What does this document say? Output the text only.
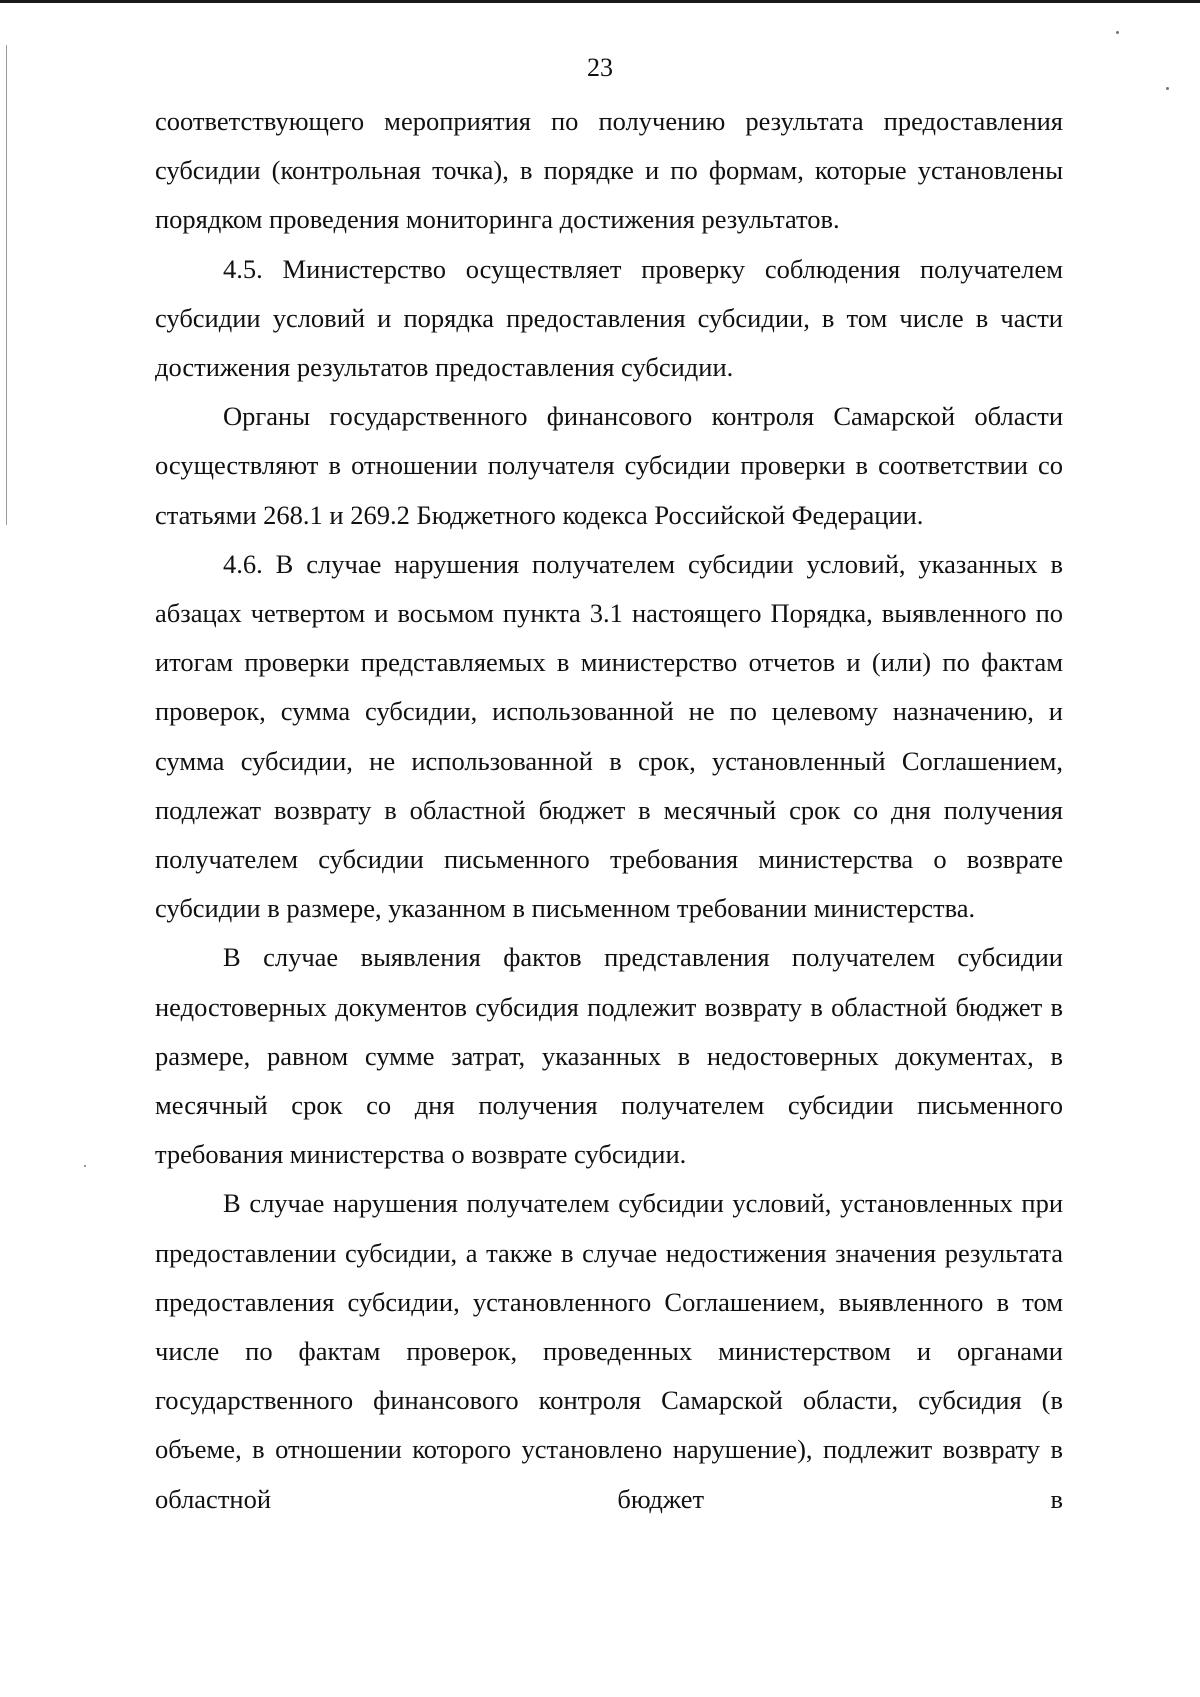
23

соответствующего мероприятия по получению результата предоставления субсидии (контрольная точка), в порядке и по формам, которые установлены порядком проведения мониторинга достижения результатов.

4.5. Министерство осуществляет проверку соблюдения получателем субсидии условий и порядка предоставления субсидии, в том числе в части достижения результатов предоставления субсидии.

Органы государственного финансового контроля Самарской области осуществляют в отношении получателя субсидии проверки в соответствии со статьями 268.1 и 269.2 Бюджетного кодекса Российской Федерации.

4.6. В случае нарушения получателем субсидии условий, указанных в абзацах четвертом и восьмом пункта 3.1 настоящего Порядка, выявленного по итогам проверки представляемых в министерство отчетов и (или) по фактам проверок, сумма субсидии, использованной не по целевому назначению, и сумма субсидии, не использованной в срок, установленный Соглашением, подлежат возврату в областной бюджет в месячный срок со дня получения получателем субсидии письменного требования министерства о возврате субсидии в размере, указанном в письменном требовании министерства.

В случае выявления фактов представления получателем субсидии недостоверных документов субсидия подлежит возврату в областной бюджет в размере, равном сумме затрат, указанных в недостоверных документах, в месячный срок со дня получения получателем субсидии письменного требования министерства о возврате субсидии.

В случае нарушения получателем субсидии условий, установленных при предоставлении субсидии, а также в случае недостижения значения результата предоставления субсидии, установленного Соглашением, выявленного в том числе по фактам проверок, проведенных министерством и органами государственного финансового контроля Самарской области, субсидия (в объеме, в отношении которого установлено нарушение), подлежит возврату в областной бюджет в
